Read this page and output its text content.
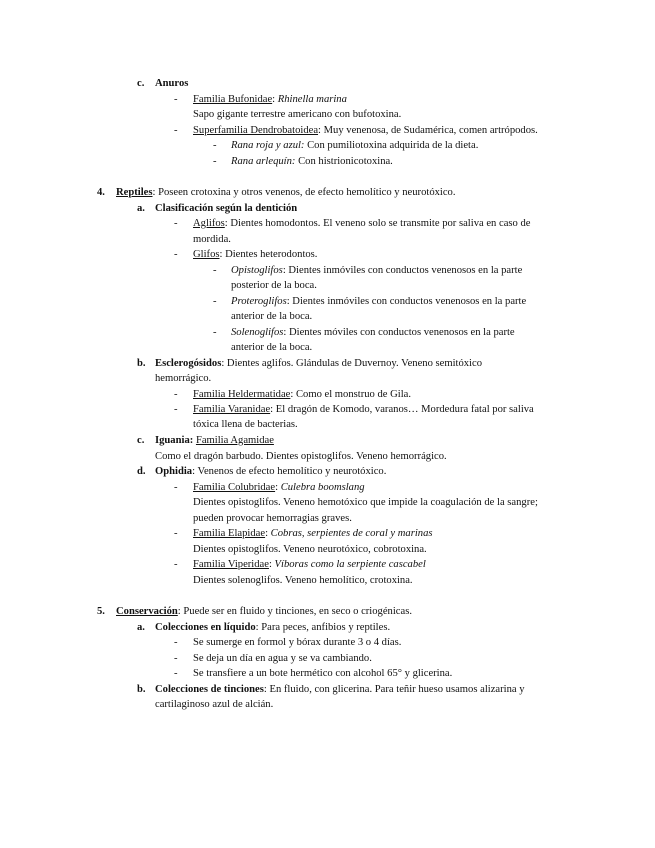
c. Anuros
- Familia Bufonidae: Rhinella marina
Sapo gigante terrestre americano con bufotoxina.
- Superfamilia Dendrobatoidea: Muy venenosa, de Sudamérica, comen artrópodos.
- Rana roja y azul: Con pumiliotoxina adquirida de la dieta.
- Rana arlequín: Con histrionicotoxina.
4. Reptiles: Poseen crotoxina y otros venenos, de efecto hemolítico y neurotóxico.
a. Clasificación según la dentición
- Aglifos: Dientes homodontos. El veneno solo se transmite por saliva en caso de
mordida.
- Glifos: Dientes heterodontos.
- Opistoglifos: Dientes inmóviles con conductos venenosos en la parte
posterior de la boca.
- Proteroglifos: Dientes inmóviles con conductos venenosos en la parte
anterior de la boca.
- Solenoglifos: Dientes móviles con conductos venenosos en la parte
anterior de la boca.
b. Esclerogósidos: Dientes aglifos. Glándulas de Duvernoy. Veneno semitóxico
hemorrágico.
- Familia Heldermatidae: Como el monstruo de Gila.
- Familia Varanidae: El dragón de Komodo, varanos… Mordedura fatal por saliva
tóxica llena de bacterias.
c. Iguania: Familia Agamidae
Como el dragón barbudo. Dientes opistoglifos. Veneno hemorrágico.
d. Ophidia: Venenos de efecto hemolítico y neurotóxico.
- Familia Colubridae: Culebra boomslang
Dientes opistoglifos. Veneno hemotóxico que impide la coagulación de la sangre;
pueden provocar hemorragias graves.
- Familia Elapidae: Cobras, serpientes de coral y marinas
Dientes opistoglifos. Veneno neurotóxico, cobrotoxina.
- Familia Viperidae: Víboras como la serpiente cascabel
Dientes solenoglifos. Veneno hemolítico, crotoxina.
5. Conservación: Puede ser en fluido y tinciones, en seco o criogénicas.
a. Colecciones en líquido: Para peces, anfibios y reptiles.
- Se sumerge en formol y bórax durante 3 o 4 días.
- Se deja un día en agua y se va cambiando.
- Se transfiere a un bote hermético con alcohol 65° y glicerina.
b. Colecciones de tinciones: En fluido, con glicerina. Para teñir hueso usamos alizarina y
cartilaginoso azul de alcián.
